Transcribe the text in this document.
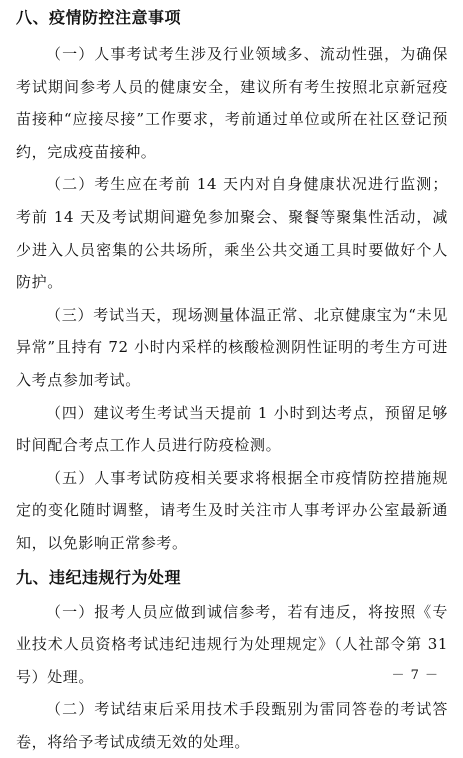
八、疫情防控注意事项

（一）人事考试考生涉及行业领域多、流动性强，为确保考试期间参考人员的健康安全，建议所有考生按照北京新冠疫苗接种“应接尽接”工作要求，考前通过单位或所在社区登记预约，完成疫苗接种。

（二）考生应在考前 14 天内对自身健康状况进行监测；考前 14 天及考试期间避免参加聚会、聚餐等聚集性活动，减少进入人员密集的公共场所，乘坐公共交通工具时要做好个人防护。

（三）考试当天，现场测量体温正常、北京健康宝为“未见异常”且持有 72 小时内采样的核酸检测阴性证明的考生方可进入考点参加考试。

（四）建议考生考试当天提前 1 小时到达考点，预留足够时间配合考点工作人员进行防疫检测。

（五）人事考试防疫相关要求将根据全市疫情防控措施规定的变化随时调整，请考生及时关注市人事考评办公室最新通知，以免影响正常参考。

九、违纪违规行为处理

（一）报考人员应做到诚信参考，若有违反，将按照《专业技术人员资格考试违纪违规行为处理规定》（人社部令第 31 号）处理。

（二）考试结束后采用技术手段甄别为雷同答卷的考试答卷，将给予考试成绩无效的处理。

－ 7 －
